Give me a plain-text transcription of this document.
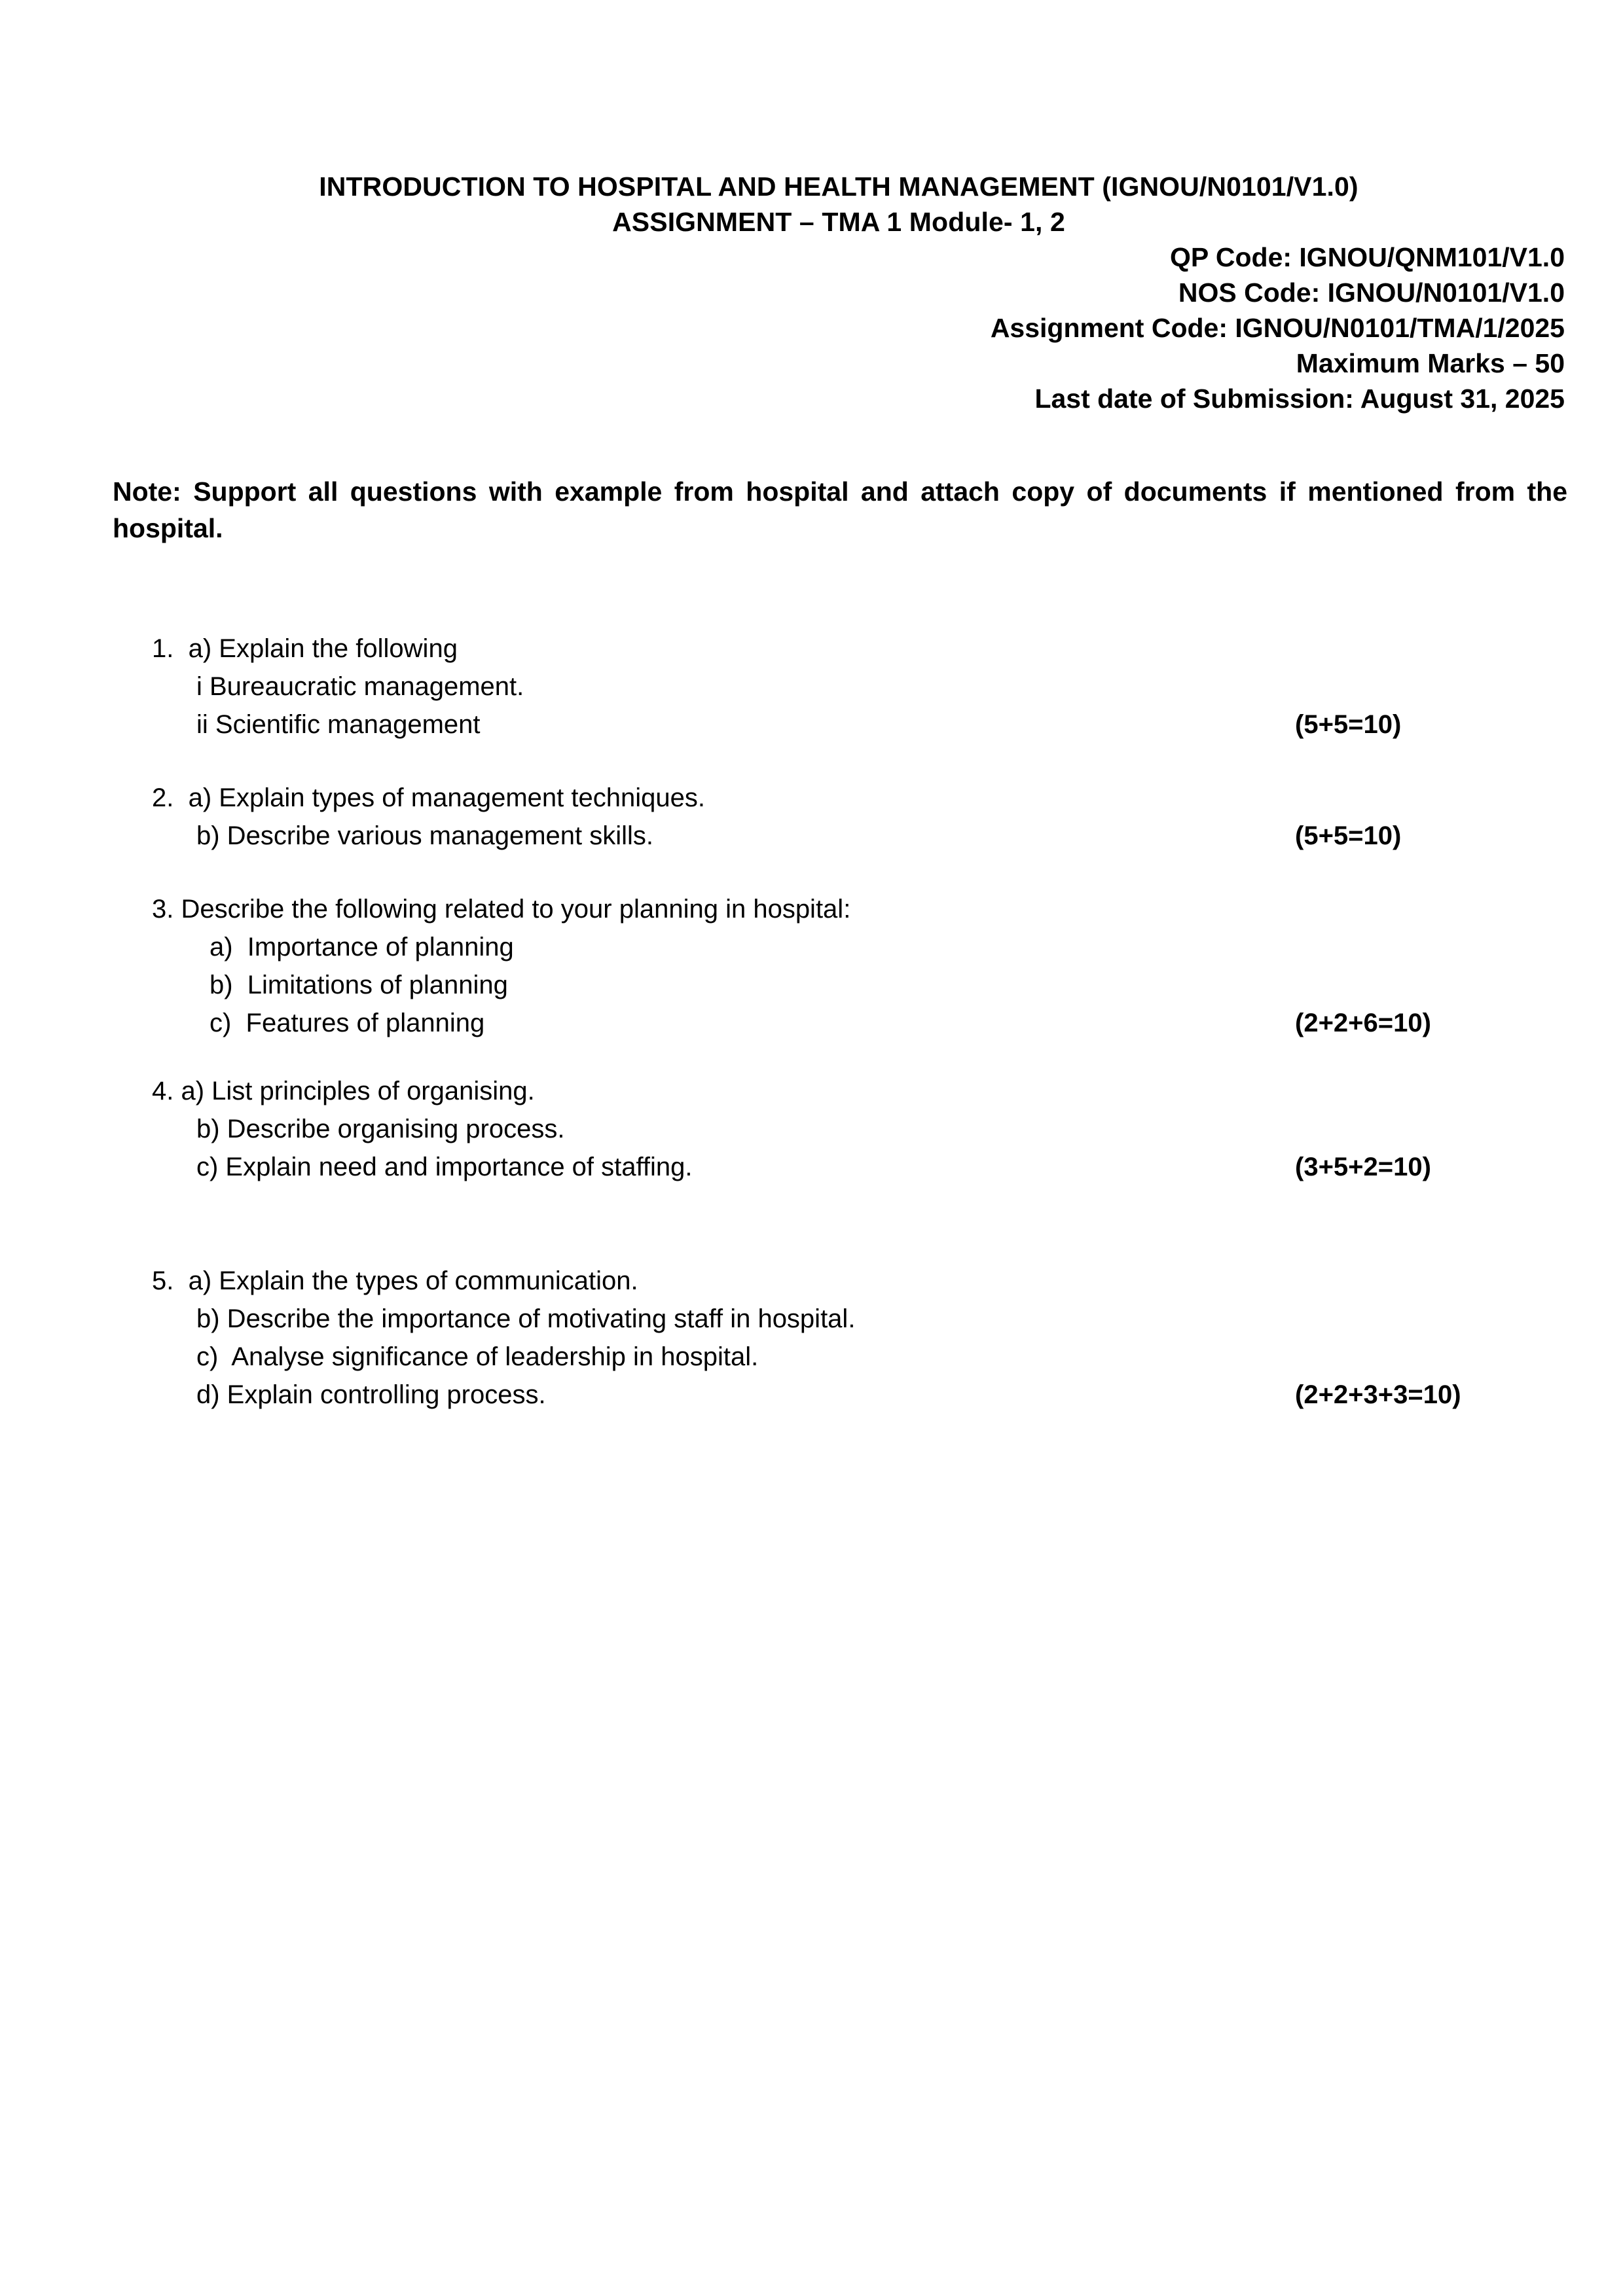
INTRODUCTION TO HOSPITAL AND HEALTH MANAGEMENT (IGNOU/N0101/V1.0)
ASSIGNMENT – TMA 1 Module- 1, 2
QP Code: IGNOU/QNM101/V1.0
NOS Code: IGNOU/N0101/V1.0
Assignment Code: IGNOU/N0101/TMA/1/2025
Maximum Marks – 50
Last date of Submission: August 31, 2025
Note: Support all questions with example from hospital and attach copy of documents if mentioned from the hospital.
1.  a) Explain the following
i Bureaucratic management.
ii Scientific management	(5+5=10)
2.  a) Explain types of management techniques.
b) Describe various management skills.	(5+5=10)
3. Describe the following related to your planning in hospital:
a)  Importance of planning
b)  Limitations of planning
c)  Features of planning	(2+2+6=10)
4. a) List principles of organising.
b) Describe organising process.
c) Explain need and importance of staffing.	(3+5+2=10)
5.  a) Explain the types of communication.
b) Describe the importance of motivating staff in hospital.
c)  Analyse significance of leadership in hospital.
d) Explain controlling process.	(2+2+3+3=10)
